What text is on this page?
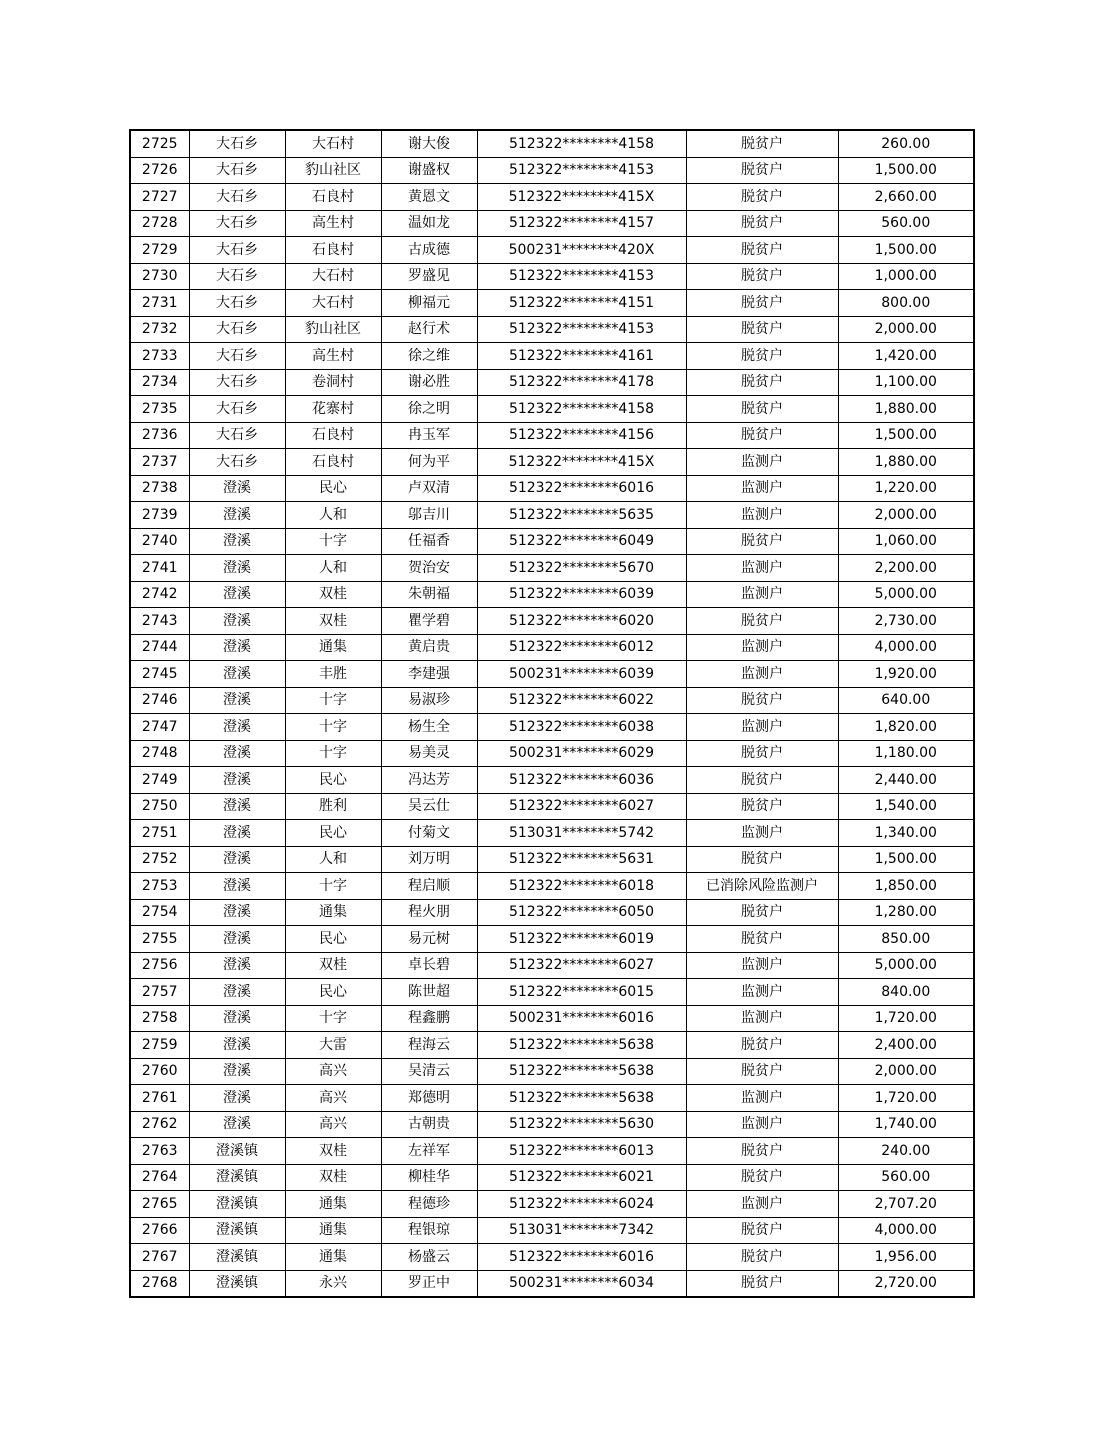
2725	大石乡	大石村	谢大俊	512322********4158	脱贫户	260.00
2726	大石乡	豹山社区	谢盛权	512322********4153	脱贫户	1,500.00
2727	大石乡	石良村	黄恩文	512322********415X	脱贫户	2,660.00
2728	大石乡	高生村	温如龙	512322********4157	脱贫户	560.00
2729	大石乡	石良村	古成德	500231********420X	脱贫户	1,500.00
2730	大石乡	大石村	罗盛见	512322********4153	脱贫户	1,000.00
2731	大石乡	大石村	柳福元	512322********4151	脱贫户	800.00
2732	大石乡	豹山社区	赵行术	512322********4153	脱贫户	2,000.00
2733	大石乡	高生村	徐之维	512322********4161	脱贫户	1,420.00
2734	大石乡	卷洞村	谢必胜	512322********4178	脱贫户	1,100.00
2735	大石乡	花寨村	徐之明	512322********4158	脱贫户	1,880.00
2736	大石乡	石良村	冉玉军	512322********4156	脱贫户	1,500.00
2737	大石乡	石良村	何为平	512322********415X	监测户	1,880.00
2738	澄溪	民心	卢双清	512322********6016	监测户	1,220.00
2739	澄溪	人和	邬吉川	512322********5635	监测户	2,000.00
2740	澄溪	十字	任福香	512322********6049	脱贫户	1,060.00
2741	澄溪	人和	贺治安	512322********5670	监测户	2,200.00
2742	澄溪	双桂	朱朝福	512322********6039	监测户	5,000.00
2743	澄溪	双桂	瞿学碧	512322********6020	脱贫户	2,730.00
2744	澄溪	通集	黄启贵	512322********6012	监测户	4,000.00
2745	澄溪	丰胜	李建强	500231********6039	监测户	1,920.00
2746	澄溪	十字	易淑珍	512322********6022	脱贫户	640.00
2747	澄溪	十字	杨生全	512322********6038	监测户	1,820.00
2748	澄溪	十字	易美灵	500231********6029	脱贫户	1,180.00
2749	澄溪	民心	冯达芳	512322********6036	脱贫户	2,440.00
2750	澄溪	胜利	吴云仕	512322********6027	脱贫户	1,540.00
2751	澄溪	民心	付菊文	513031********5742	监测户	1,340.00
2752	澄溪	人和	刘万明	512322********5631	脱贫户	1,500.00
2753	澄溪	十字	程启顺	512322********6018	已消除风险监测户	1,850.00
2754	澄溪	通集	程火朋	512322********6050	脱贫户	1,280.00
2755	澄溪	民心	易元树	512322********6019	脱贫户	850.00
2756	澄溪	双桂	卓长碧	512322********6027	监测户	5,000.00
2757	澄溪	民心	陈世超	512322********6015	监测户	840.00
2758	澄溪	十字	程鑫鹏	500231********6016	监测户	1,720.00
2759	澄溪	大雷	程海云	512322********5638	脱贫户	2,400.00
2760	澄溪	高兴	吴清云	512322********5638	脱贫户	2,000.00
2761	澄溪	高兴	郑德明	512322********5638	监测户	1,720.00
2762	澄溪	高兴	古朝贵	512322********5630	监测户	1,740.00
2763	澄溪镇	双桂	左祥军	512322********6013	脱贫户	240.00
2764	澄溪镇	双桂	柳桂华	512322********6021	脱贫户	560.00
2765	澄溪镇	通集	程德珍	512322********6024	监测户	2,707.20
2766	澄溪镇	通集	程银琼	513031********7342	脱贫户	4,000.00
2767	澄溪镇	通集	杨盛云	512322********6016	脱贫户	1,956.00
2768	澄溪镇	永兴	罗正中	500231********6034	脱贫户	2,720.00
